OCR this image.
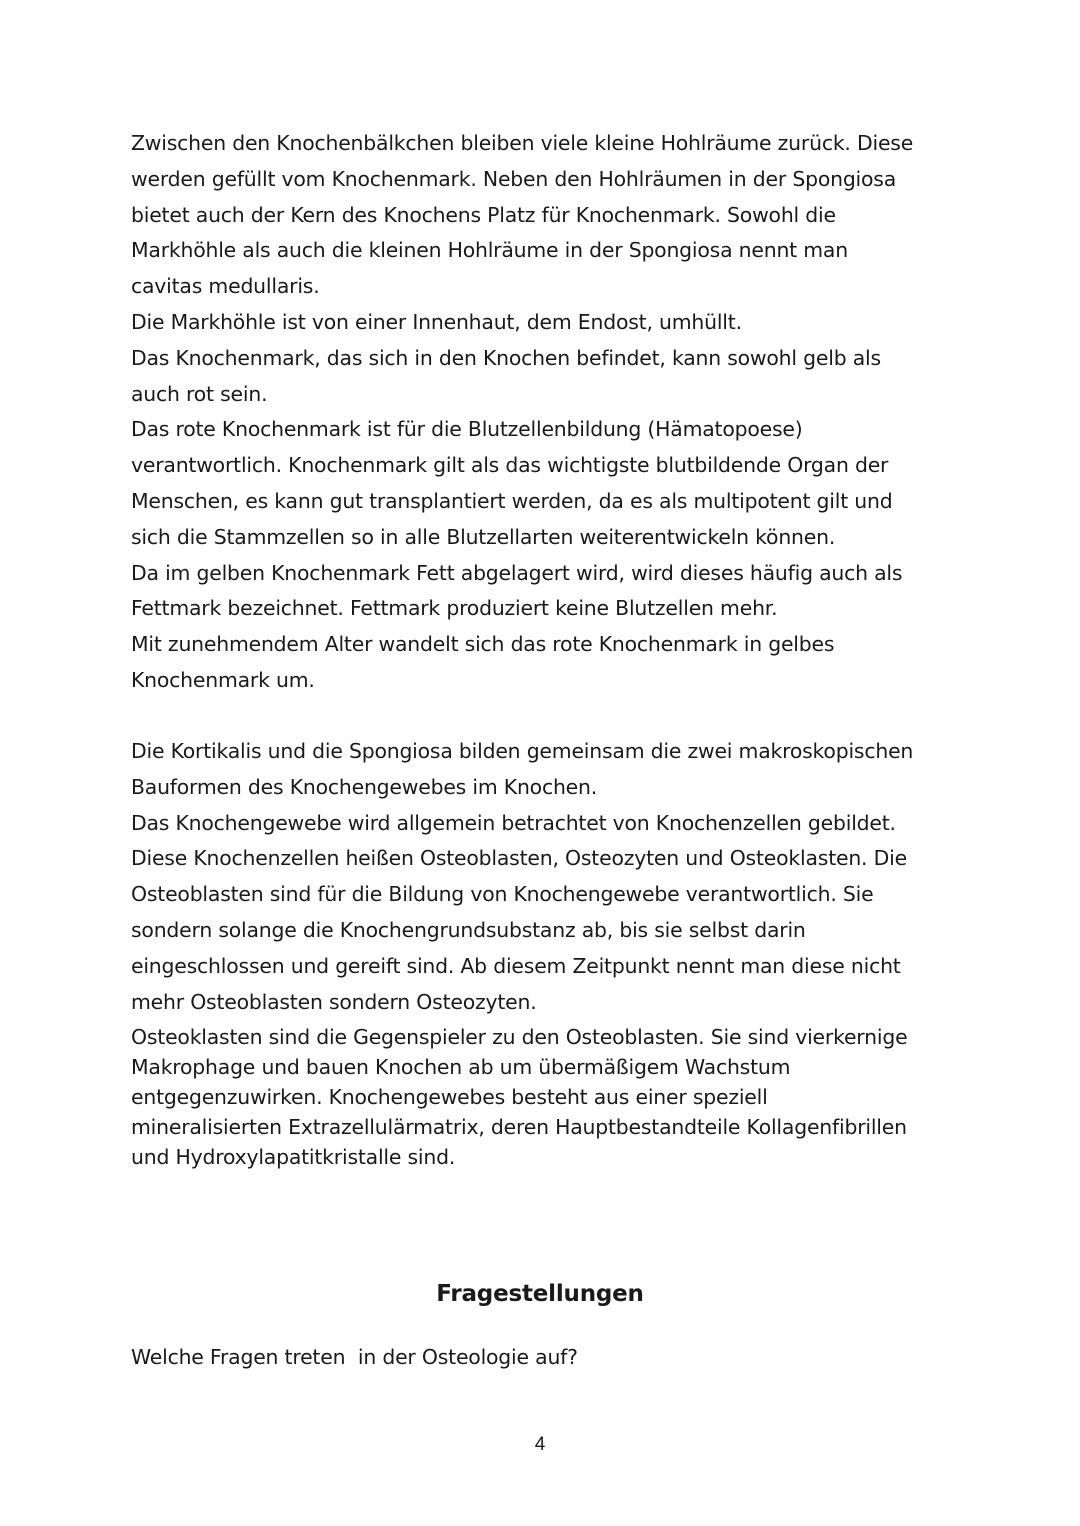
Zwischen den Knochenbälkchen bleiben viele kleine Hohlräume zurück. Diese

werden gefüllt vom Knochenmark. Neben den Hohlräumen in der Spongiosa

bietet auch der Kern des Knochens Platz für Knochenmark. Sowohl die

Markhöhle als auch die kleinen Hohlräume in der Spongiosa nennt man

cavitas medullaris.

Die Markhöhle ist von einer Innenhaut, dem Endost, umhüllt.

Das Knochenmark, das sich in den Knochen befindet, kann sowohl gelb als

auch rot sein.

Das rote Knochenmark ist für die Blutzellenbildung (Hämatopoese)

verantwortlich. Knochenmark gilt als das wichtigste blutbildende Organ der

Menschen, es kann gut transplantiert werden, da es als multipotent gilt und

sich die Stammzellen so in alle Blutzellarten weiterentwickeln können.

Da im gelben Knochenmark Fett abgelagert wird, wird dieses häufig auch als

Fettmark bezeichnet. Fettmark produziert keine Blutzellen mehr.

Mit zunehmendem Alter wandelt sich das rote Knochenmark in gelbes

Knochenmark um.

Die Kortikalis und die Spongiosa bilden gemeinsam die zwei makroskopischen

Bauformen des Knochengewebes im Knochen.

Das Knochengewebe wird allgemein betrachtet von Knochenzellen gebildet.

Diese Knochenzellen heißen Osteoblasten, Osteozyten und Osteoklasten. Die

Osteoblasten sind für die Bildung von Knochengewebe verantwortlich. Sie

sondern solange die Knochengrundsubstanz ab, bis sie selbst darin

eingeschlossen und gereift sind. Ab diesem Zeitpunkt nennt man diese nicht

mehr Osteoblasten sondern Osteozyten.

Osteoklasten sind die Gegenspieler zu den Osteoblasten. Sie sind vierkernige

Makrophage und bauen Knochen ab um übermäßigem Wachstum

entgegenzuwirken. Knochengewebes besteht aus einer speziell

mineralisierten Extrazellulärmatrix, deren Hauptbestandteile Kollagenfibrillen

und Hydroxylapatitkristalle sind.

Fragestellungen
Welche Fragen treten  in der Osteologie auf?
4
